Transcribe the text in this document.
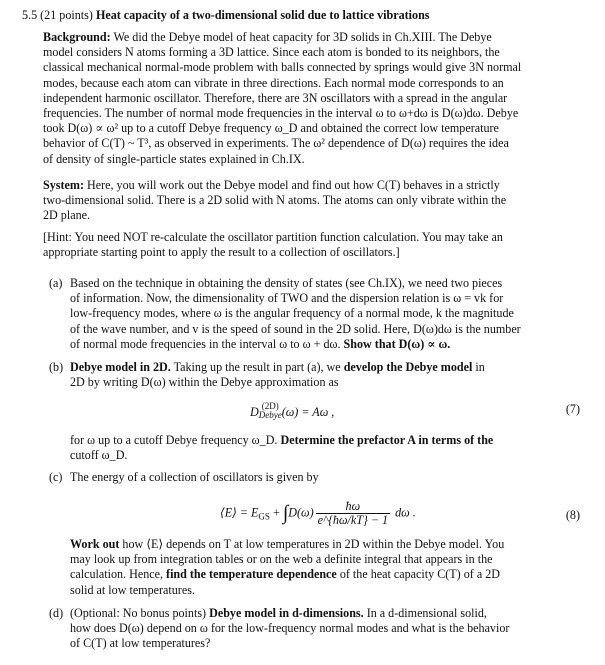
5.5 (21 points) Heat capacity of a two-dimensional solid due to lattice vibrations
Background: We did the Debye model of heat capacity for 3D solids in Ch.XIII. The Debye
model considers N atoms forming a 3D lattice. Since each atom is bonded to its neighbors, the
classical mechanical normal-mode problem with balls connected by springs would give 3N normal
modes, because each atom can vibrate in three directions. Each normal mode corresponds to an
independent harmonic oscillator. Therefore, there are 3N oscillators with a spread in the angular
frequencies. The number of normal mode frequencies in the interval ω to ω+dω is D(ω)dω. Debye
took D(ω) ∝ ω² up to a cutoff Debye frequency ω_D and obtained the correct low temperature
behavior of C(T) ~ T³, as observed in experiments. The ω² dependence of D(ω) requires the idea
of density of single-particle states explained in Ch.IX.
System: Here, you will work out the Debye model and find out how C(T) behaves in a strictly
two-dimensional solid. There is a 2D solid with N atoms. The atoms can only vibrate within the
2D plane.
[Hint: You need NOT re-calculate the oscillator partition function calculation. You may take an
appropriate starting point to apply the result to a collection of oscillators.]
(a) Based on the technique in obtaining the density of states (see Ch.IX), we need two pieces
of information. Now, the dimensionality of TWO and the dispersion relation is ω = vk for
low-frequency modes, where ω is the angular frequency of a normal mode, k the magnitude
of the wave number, and v is the speed of sound in the 2D solid. Here, D(ω)dω is the number
of normal mode frequencies in the interval ω to ω + dω. Show that D(ω) ∝ ω.
(b) Debye model in 2D. Taking up the result in part (a), we develop the Debye model in
2D by writing D(ω) within the Debye approximation as
D (2D)
Debye (ω) = Aω ,	(7)
for ω up to a cutoff Debye frequency ω_D. Determine the prefactor A in terms of the
cutoff ω_D.
(c) The energy of a collection of oscillators is given by
⟨E⟩ = $E_{GS} + \int D(\omega) \frac{ħ\omega}{e\^{}\{ħ\omega/kT\} - 1}$ dω .	(8)
Work out how ⟨E⟩ depends on T at low temperatures in 2D within the Debye model. You
may look up from integration tables or on the web a definite integral that appears in the
calculation. Hence, find the temperature dependence of the heat capacity C(T) of a 2D
solid at low temperatures.
(d) (Optional: No bonus points) Debye model in d-dimensions. In a d-dimensional solid,
how does D(ω) depend on ω for the low-frequency normal modes and what is the behavior
of C(T) at low temperatures?
